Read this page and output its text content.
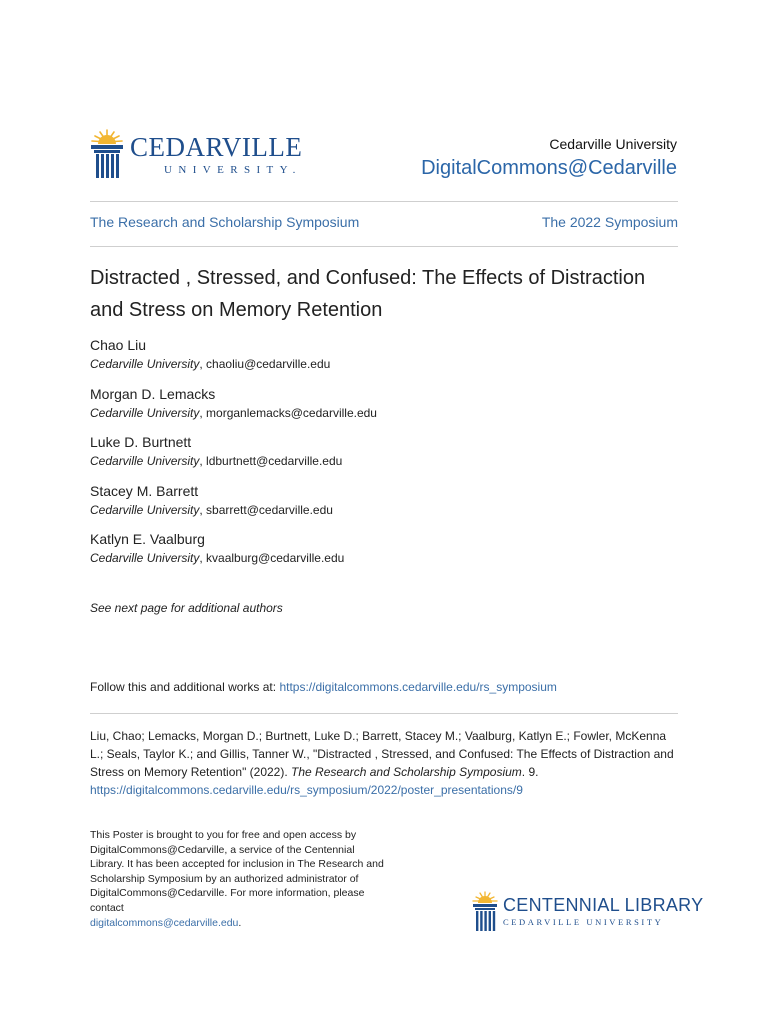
CEDARVILLE
UNIVERSITY.
Cedarville University
DigitalCommons@Cedarville
The Research and Scholarship Symposium	The 2022 Symposium
Distracted , Stressed, and Confused: The Effects of Distraction and Stress on Memory Retention
Chao Liu
Cedarville University, chaoliu@cedarville.edu
Morgan D. Lemacks
Cedarville University, morganlemacks@cedarville.edu
Luke D. Burtnett
Cedarville University, ldburtnett@cedarville.edu
Stacey M. Barrett
Cedarville University, sbarrett@cedarville.edu
Katlyn E. Vaalburg
Cedarville University, kvaalburg@cedarville.edu
See next page for additional authors
Follow this and additional works at: https://digitalcommons.cedarville.edu/rs_symposium
Liu, Chao; Lemacks, Morgan D.; Burtnett, Luke D.; Barrett, Stacey M.; Vaalburg, Katlyn E.; Fowler, McKenna L.; Seals, Taylor K.; and Gillis, Tanner W., "Distracted , Stressed, and Confused: The Effects of Distraction and Stress on Memory Retention" (2022). The Research and Scholarship Symposium. 9.
https://digitalcommons.cedarville.edu/rs_symposium/2022/poster_presentations/9
This Poster is brought to you for free and open access by DigitalCommons@Cedarville, a service of the Centennial Library. It has been accepted for inclusion in The Research and Scholarship Symposium by an authorized administrator of DigitalCommons@Cedarville. For more information, please contact
digitalcommons@cedarville.edu.
CENTENNIAL LIBRARY
CEDARVILLE UNIVERSITY
